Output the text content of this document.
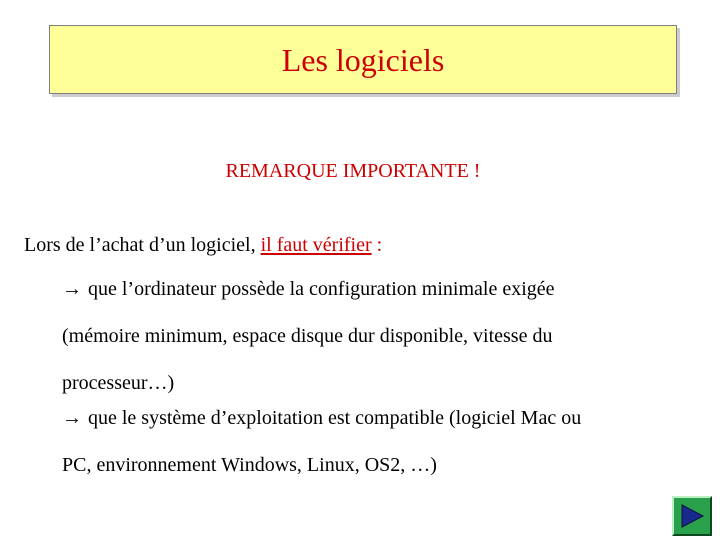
Les logiciels
REMARQUE IMPORTANTE !
Lors de l’achat d’un logiciel, il faut vérifier :
→ que l’ordinateur possède la configuration minimale exigée
(mémoire minimum, espace disque dur disponible, vitesse du
processeur…)
→ que le système d’exploitation est compatible (logiciel Mac ou
PC, environnement Windows, Linux, OS2, …)
